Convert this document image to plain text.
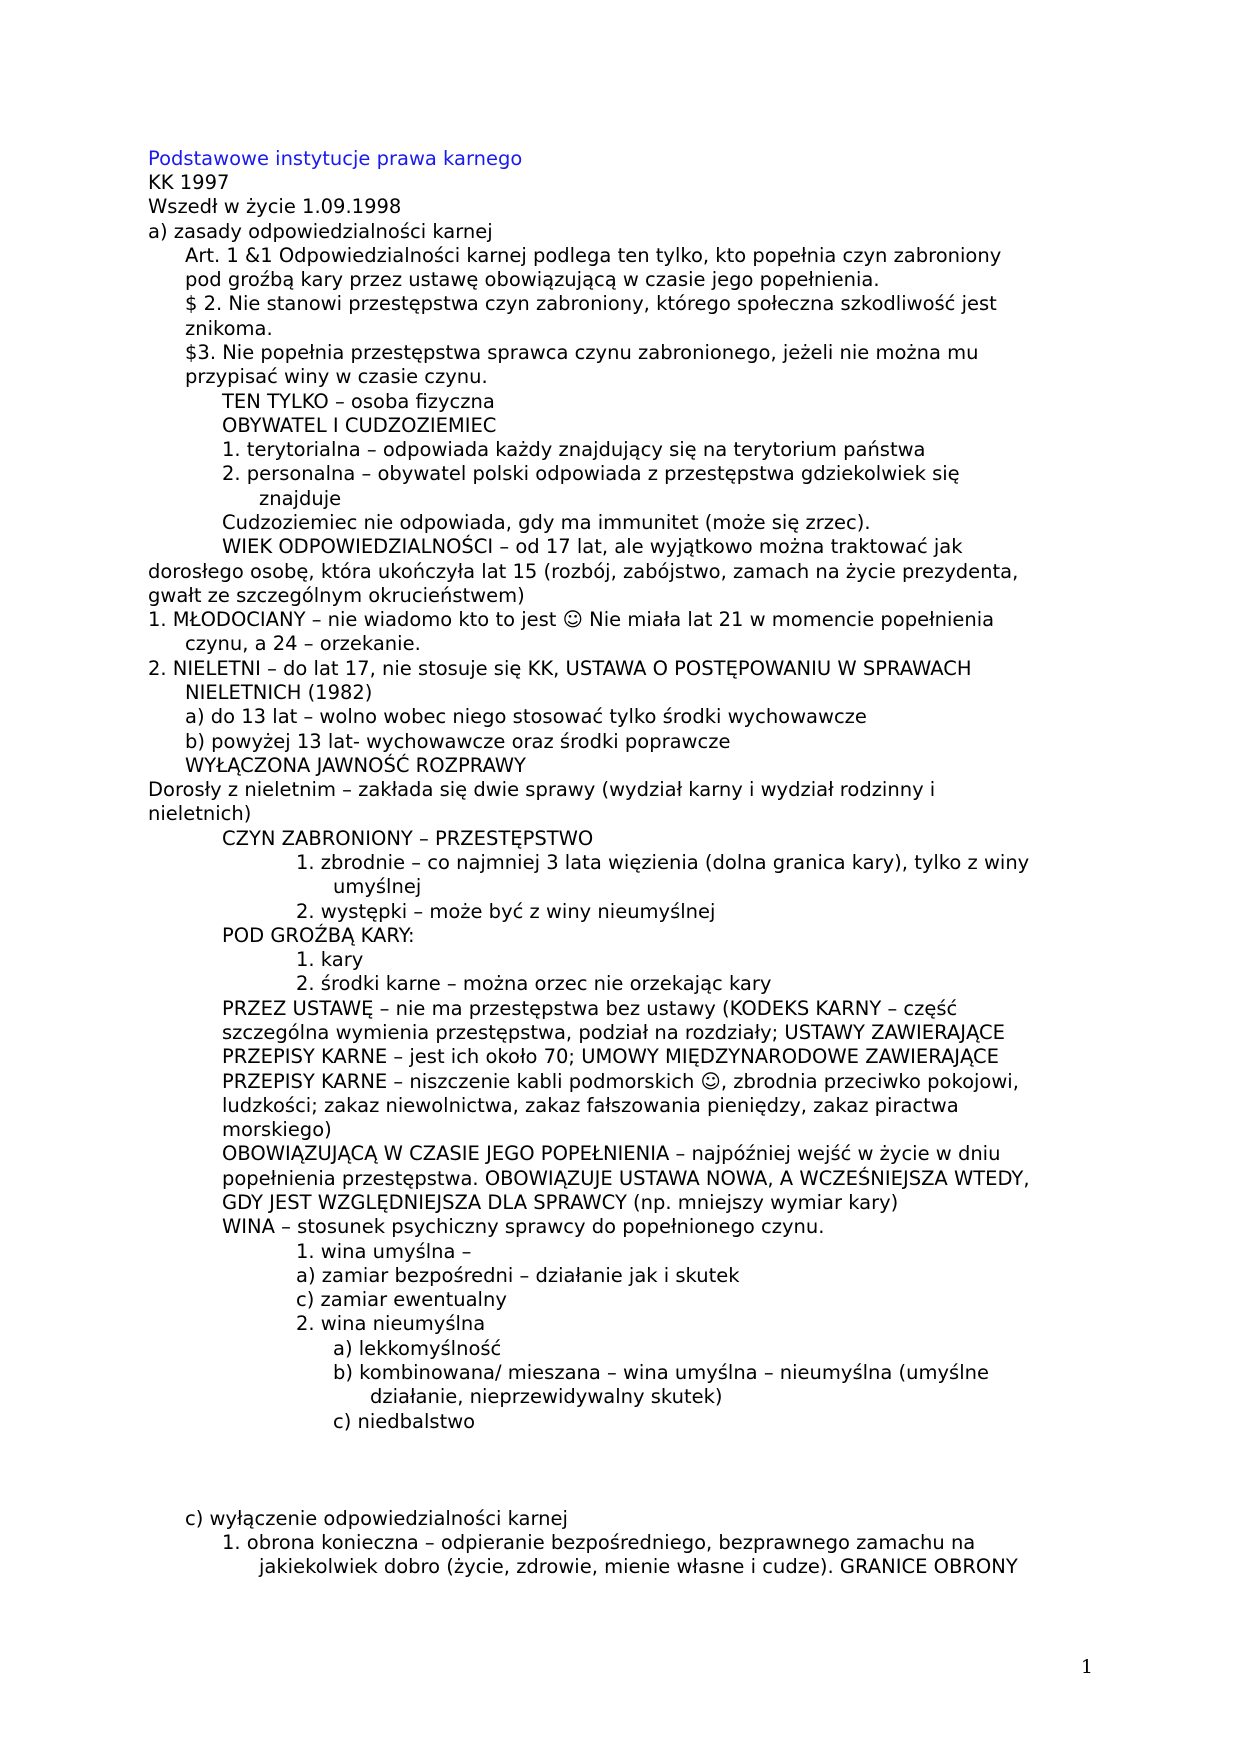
Podstawowe instytucje prawa karnego

KK 1997

Wszedł w życie 1.09.1998

a) zasady odpowiedzialności karnej

Art. 1 &1 Odpowiedzialności karnej podlega ten tylko, kto popełnia czyn zabroniony

pod groźbą kary przez ustawę obowiązującą w czasie jego popełnienia.

$ 2. Nie stanowi przestępstwa czyn zabroniony, którego społeczna szkodliwość jest

znikoma.

$3. Nie popełnia przestępstwa sprawca czynu zabronionego, jeżeli nie można mu

przypisać winy w czasie czynu.

TEN TYLKO – osoba fizyczna

OBYWATEL I CUDZOZIEMIEC

1. terytorialna – odpowiada każdy znajdujący się na terytorium państwa

2. personalna – obywatel polski odpowiada z przestępstwa gdziekolwiek się

znajduje

Cudzoziemiec nie odpowiada, gdy ma immunitet (może się zrzec).

WIEK ODPOWIEDZIALNOŚCI – od 17 lat, ale wyjątkowo można traktować jak

dorosłego osobę, która ukończyła lat 15 (rozbój, zabójstwo, zamach na życie prezydenta,

gwałt ze szczególnym okrucieństwem)

1. MŁODOCIANY – nie wiadomo kto to jest ☺ Nie miała lat 21 w momencie popełnienia

czynu, a 24 – orzekanie.

2. NIELETNI – do lat 17, nie stosuje się KK, USTAWA O POSTĘPOWANIU W SPRAWACH

NIELETNICH (1982)

a) do 13 lat – wolno wobec niego stosować tylko środki wychowawcze

b) powyżej 13 lat- wychowawcze oraz środki poprawcze

WYŁĄCZONA JAWNOŚĆ ROZPRAWY

Dorosły z nieletnim – zakłada się dwie sprawy (wydział karny i wydział rodzinny i

nieletnich)

CZYN ZABRONIONY – PRZESTĘPSTWO

1. zbrodnie – co najmniej 3 lata więzienia (dolna granica kary), tylko z winy

umyślnej

2. występki – może być z winy nieumyślnej

POD GROŹBĄ KARY:

1. kary

2. środki karne – można orzec nie orzekając kary

PRZEZ USTAWĘ – nie ma przestępstwa bez ustawy (KODEKS KARNY – część

szczególna wymienia przestępstwa, podział na rozdziały; USTAWY ZAWIERAJĄCE

PRZEPISY KARNE – jest ich około 70; UMOWY MIĘDZYNARODOWE ZAWIERAJĄCE

PRZEPISY KARNE – niszczenie kabli podmorskich ☺, zbrodnia przeciwko pokojowi,

ludzkości; zakaz niewolnictwa, zakaz fałszowania pieniędzy, zakaz piractwa

morskiego)

OBOWIĄZUJĄCĄ W CZASIE JEGO POPEŁNIENIA – najpóźniej wejść w życie w dniu

popełnienia przestępstwa. OBOWIĄZUJE USTAWA NOWA, A WCZEŚNIEJSZA WTEDY,

GDY JEST WZGLĘDNIEJSZA DLA SPRAWCY (np. mniejszy wymiar kary)

WINA – stosunek psychiczny sprawcy do popełnionego czynu.

1. wina umyślna –

a) zamiar bezpośredni – działanie jak i skutek

c) zamiar ewentualny

2. wina nieumyślna

a) lekkomyślność

b) kombinowana/ mieszana – wina umyślna – nieumyślna (umyślne

działanie, nieprzewidywalny skutek)

c) niedbalstwo

c) wyłączenie odpowiedzialności karnej

1. obrona konieczna – odpieranie bezpośredniego, bezprawnego zamachu na

jakiekolwiek dobro (życie, zdrowie, mienie własne i cudze). GRANICE OBRONY

1
